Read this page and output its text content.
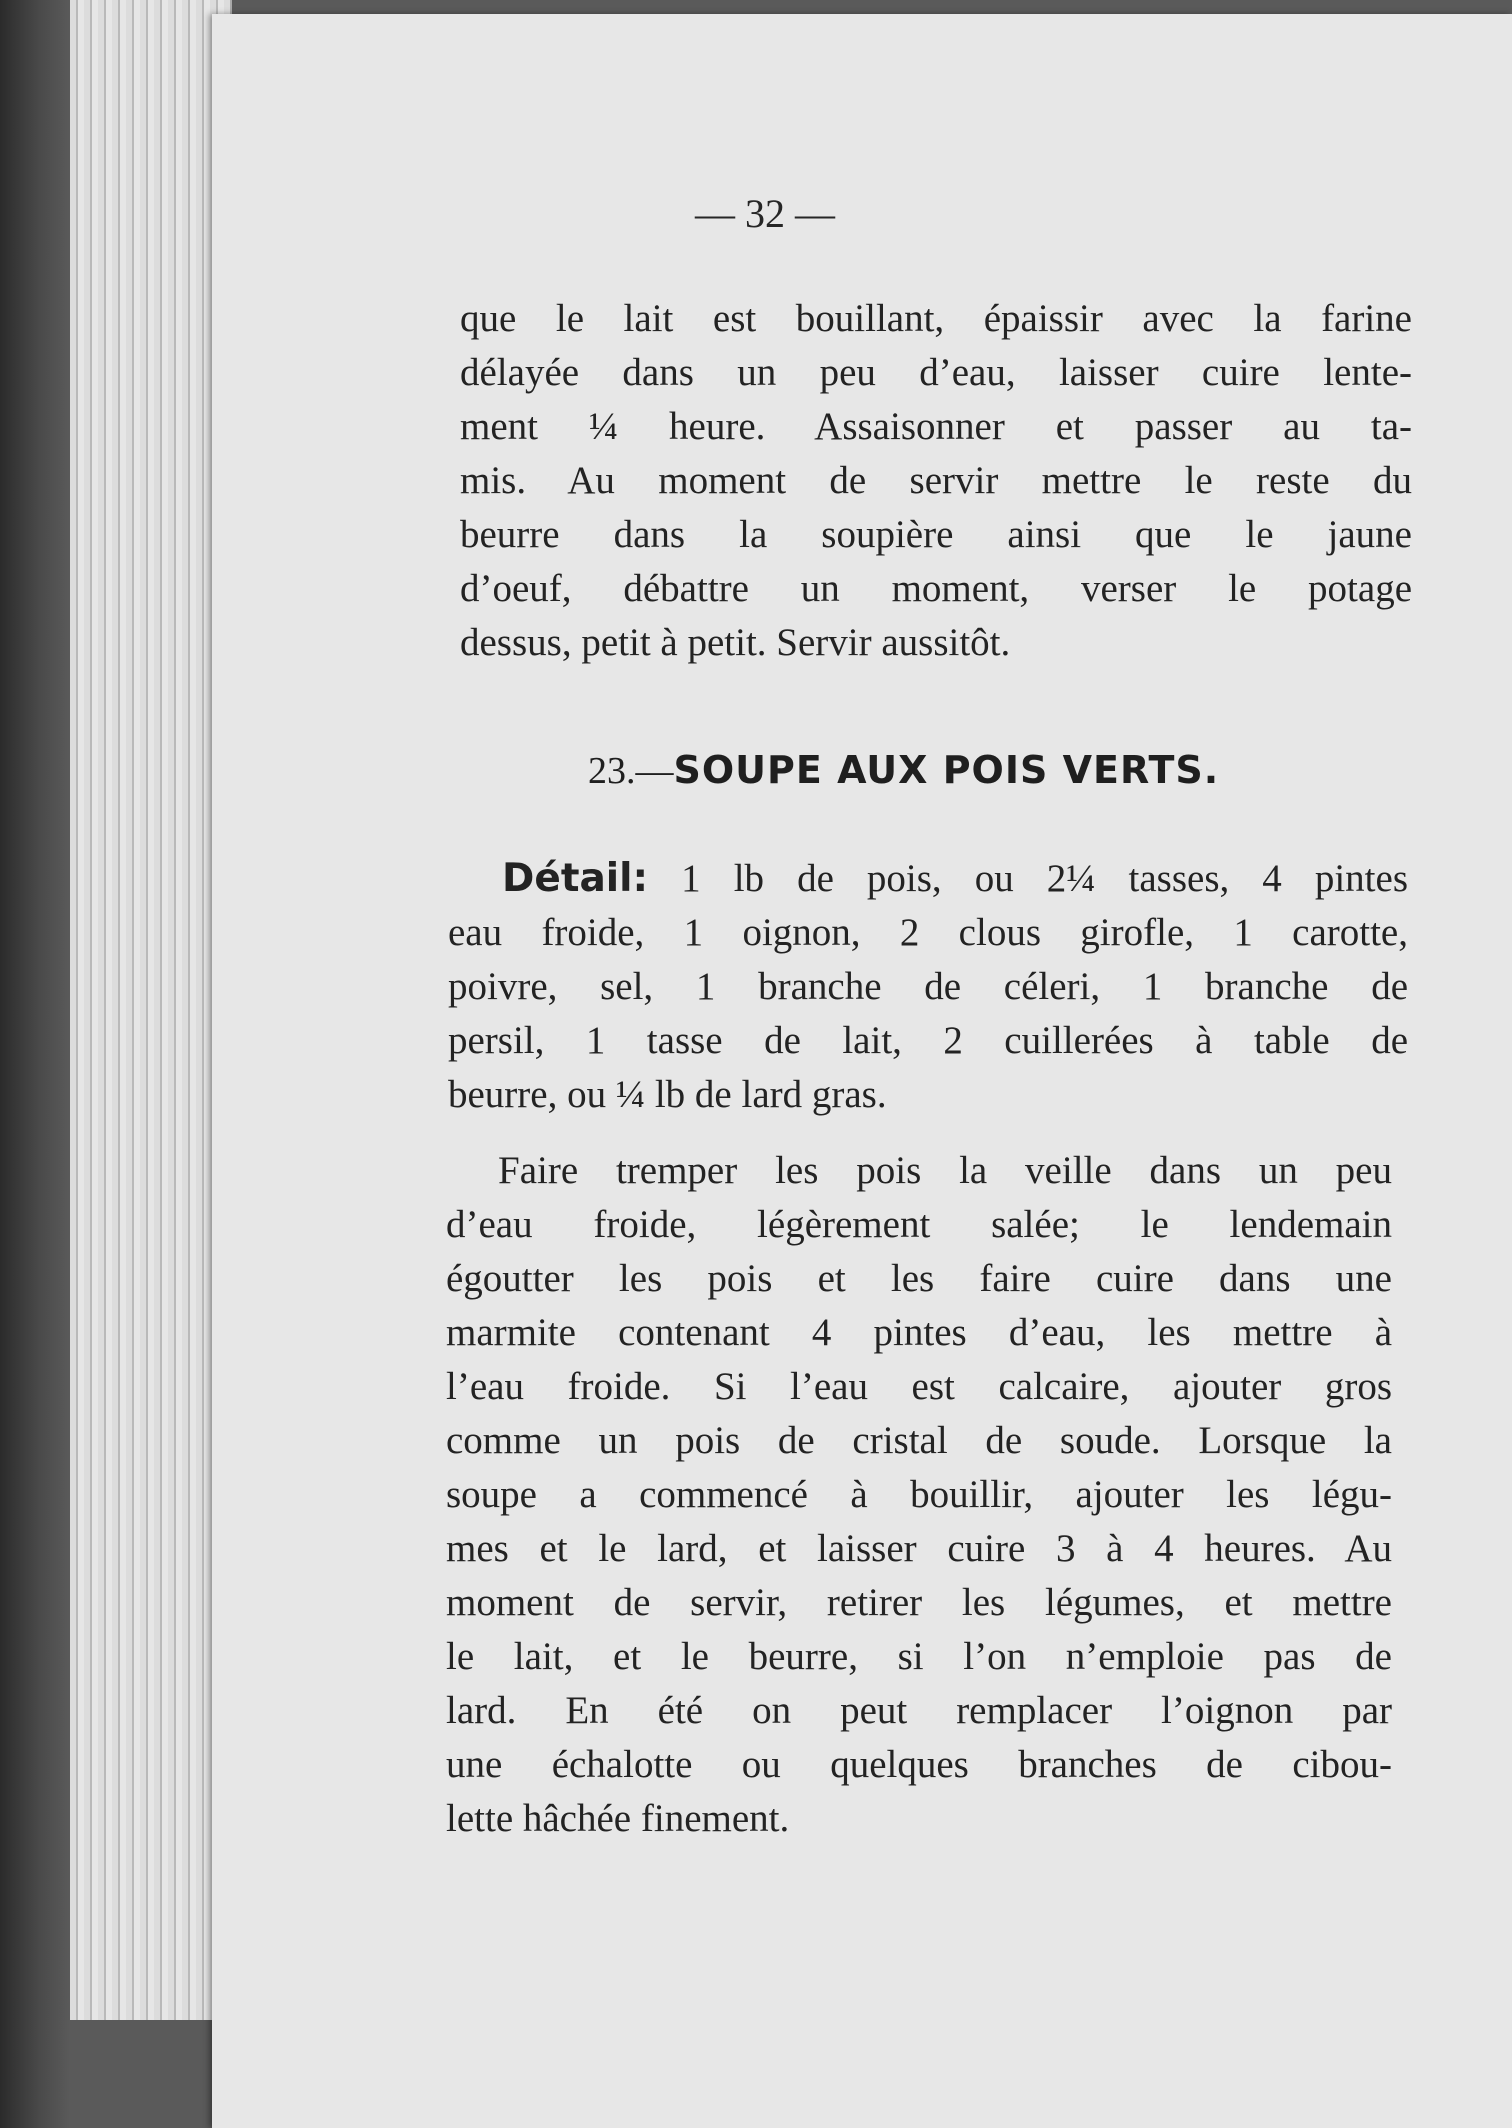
— 32 —
que le lait est bouillant, épaissir avec la farine
délayée dans un peu d’eau, laisser cuire lente-
ment ¼ heure. Assaisonner et passer au ta-
mis. Au moment de servir mettre le reste du
beurre dans la soupière ainsi que le jaune
d’oeuf, débattre un moment, verser le potage
dessus, petit à petit. Servir aussitôt.
23.—SOUPE AUX POIS VERTS.
Détail: 1 lb de pois, ou 2¼ tasses, 4 pintes
eau froide, 1 oignon, 2 clous girofle, 1 carotte,
poivre, sel, 1 branche de céleri, 1 branche de
persil, 1 tasse de lait, 2 cuillerées à table de
beurre, ou ¼ lb de lard gras.
Faire tremper les pois la veille dans un peu
d’eau froide, légèrement salée; le lendemain
égoutter les pois et les faire cuire dans une
marmite contenant 4 pintes d’eau, les mettre à
l’eau froide. Si l’eau est calcaire, ajouter gros
comme un pois de cristal de soude. Lorsque la
soupe a commencé à bouillir, ajouter les légu-
mes et le lard, et laisser cuire 3 à 4 heures. Au
moment de servir, retirer les légumes, et mettre
le lait, et le beurre, si l’on n’emploie pas de
lard. En été on peut remplacer l’oignon par
une échalotte ou quelques branches de cibou-
lette hâchée finement.
